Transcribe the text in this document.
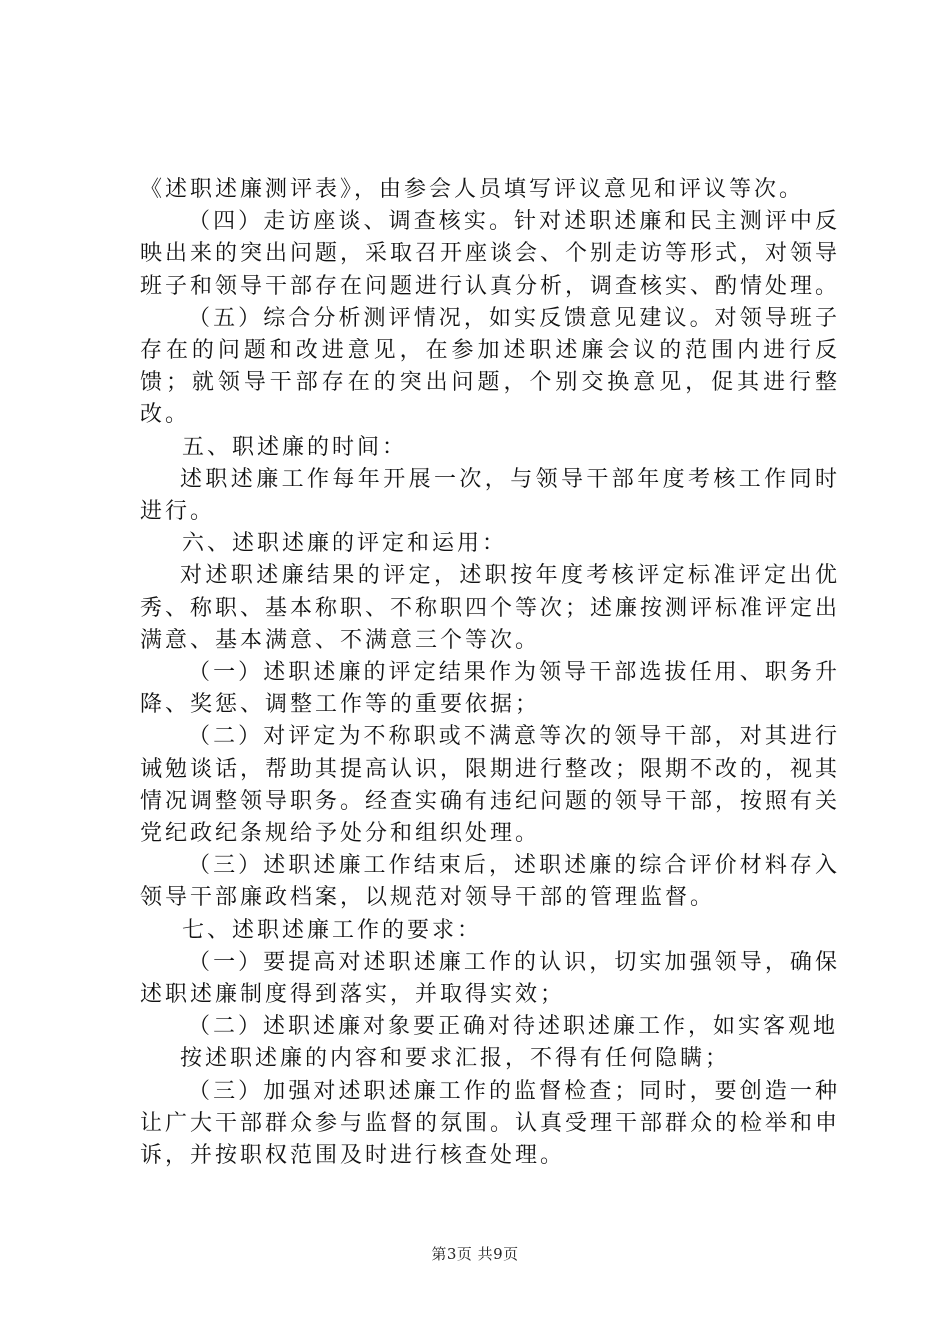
《述职述廉测评表》，由参会人员填写评议意见和评议等次。

（四）走访座谈、调查核实。针对述职述廉和民主测评中反映出来的突出问题，采取召开座谈会、个别走访等形式，对领导班子和领导干部存在问题进行认真分析，调查核实、酌情处理。

（五）综合分析测评情况，如实反馈意见建议。对领导班子存在的问题和改进意见，在参加述职述廉会议的范围内进行反馈；就领导干部存在的突出问题，个别交换意见，促其进行整改。

五、职述廉的时间：

述职述廉工作每年开展一次，与领导干部年度考核工作同时进行。

六、述职述廉的评定和运用：

对述职述廉结果的评定，述职按年度考核评定标准评定出优秀、称职、基本称职、不称职四个等次；述廉按测评标准评定出满意、基本满意、不满意三个等次。

（一）述职述廉的评定结果作为领导干部选拔任用、职务升降、奖惩、调整工作等的重要依据；

（二）对评定为不称职或不满意等次的领导干部，对其进行诫勉谈话，帮助其提高认识，限期进行整改；限期不改的，视其情况调整领导职务。经查实确有违纪问题的领导干部，按照有关党纪政纪条规给予处分和组织处理。

（三）述职述廉工作结束后，述职述廉的综合评价材料存入领导干部廉政档案，以规范对领导干部的管理监督。

七、述职述廉工作的要求：

（一）要提高对述职述廉工作的认识，切实加强领导，确保述职述廉制度得到落实，并取得实效；

（二）述职述廉对象要正确对待述职述廉工作，如实客观地

按述职述廉的内容和要求汇报，不得有任何隐瞒；

（三）加强对述职述廉工作的监督检查；同时，要创造一种让广大干部群众参与监督的氛围。认真受理干部群众的检举和申诉，并按职权范围及时进行核查处理。

第3页 共9页
